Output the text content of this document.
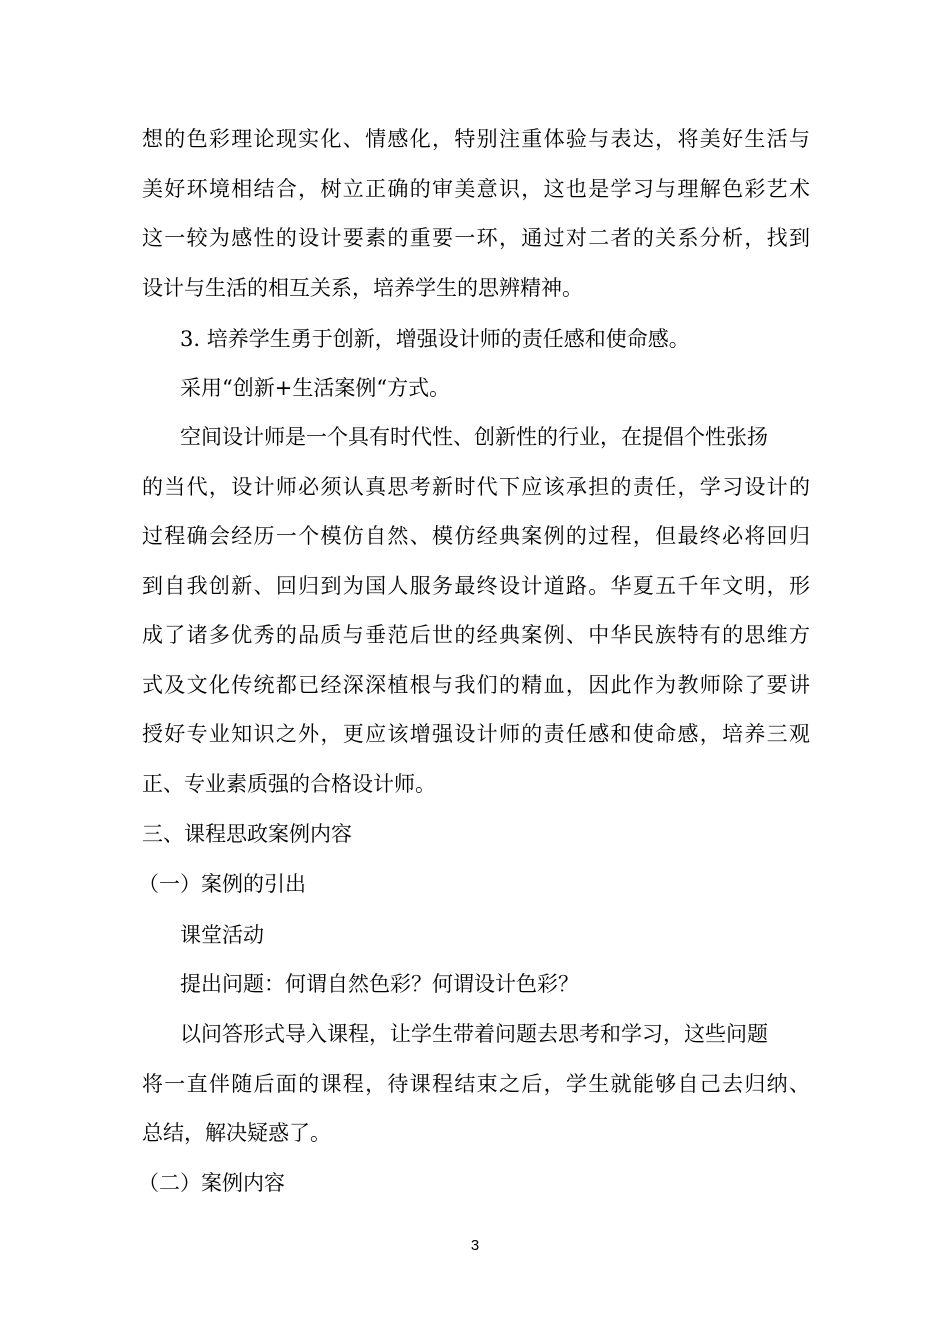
想的色彩理论现实化、情感化，特别注重体验与表达，将美好生活与
美好环境相结合，树立正确的审美意识，这也是学习与理解色彩艺术
这一较为感性的设计要素的重要一环，通过对二者的关系分析，找到
设计与生活的相互关系，培养学生的思辨精神。
3. 培养学生勇于创新，增强设计师的责任感和使命感。
采用“创新+生活案例“方式。
空间设计师是一个具有时代性、创新性的行业，在提倡个性张扬
的当代，设计师必须认真思考新时代下应该承担的责任，学习设计的
过程确会经历一个模仿自然、模仿经典案例的过程，但最终必将回归
到自我创新、回归到为国人服务最终设计道路。华夏五千年文明，形
成了诸多优秀的品质与垂范后世的经典案例、中华民族特有的思维方
式及文化传统都已经深深植根与我们的精血，因此作为教师除了要讲
授好专业知识之外，更应该增强设计师的责任感和使命感，培养三观
正、专业素质强的合格设计师。
三、课程思政案例内容
（一）案例的引出
课堂活动
提出问题：何谓自然色彩？何谓设计色彩？
以问答形式导入课程，让学生带着问题去思考和学习，这些问题
将一直伴随后面的课程，待课程结束之后，学生就能够自己去归纳、
总结，解决疑惑了。
（二）案例内容
3
